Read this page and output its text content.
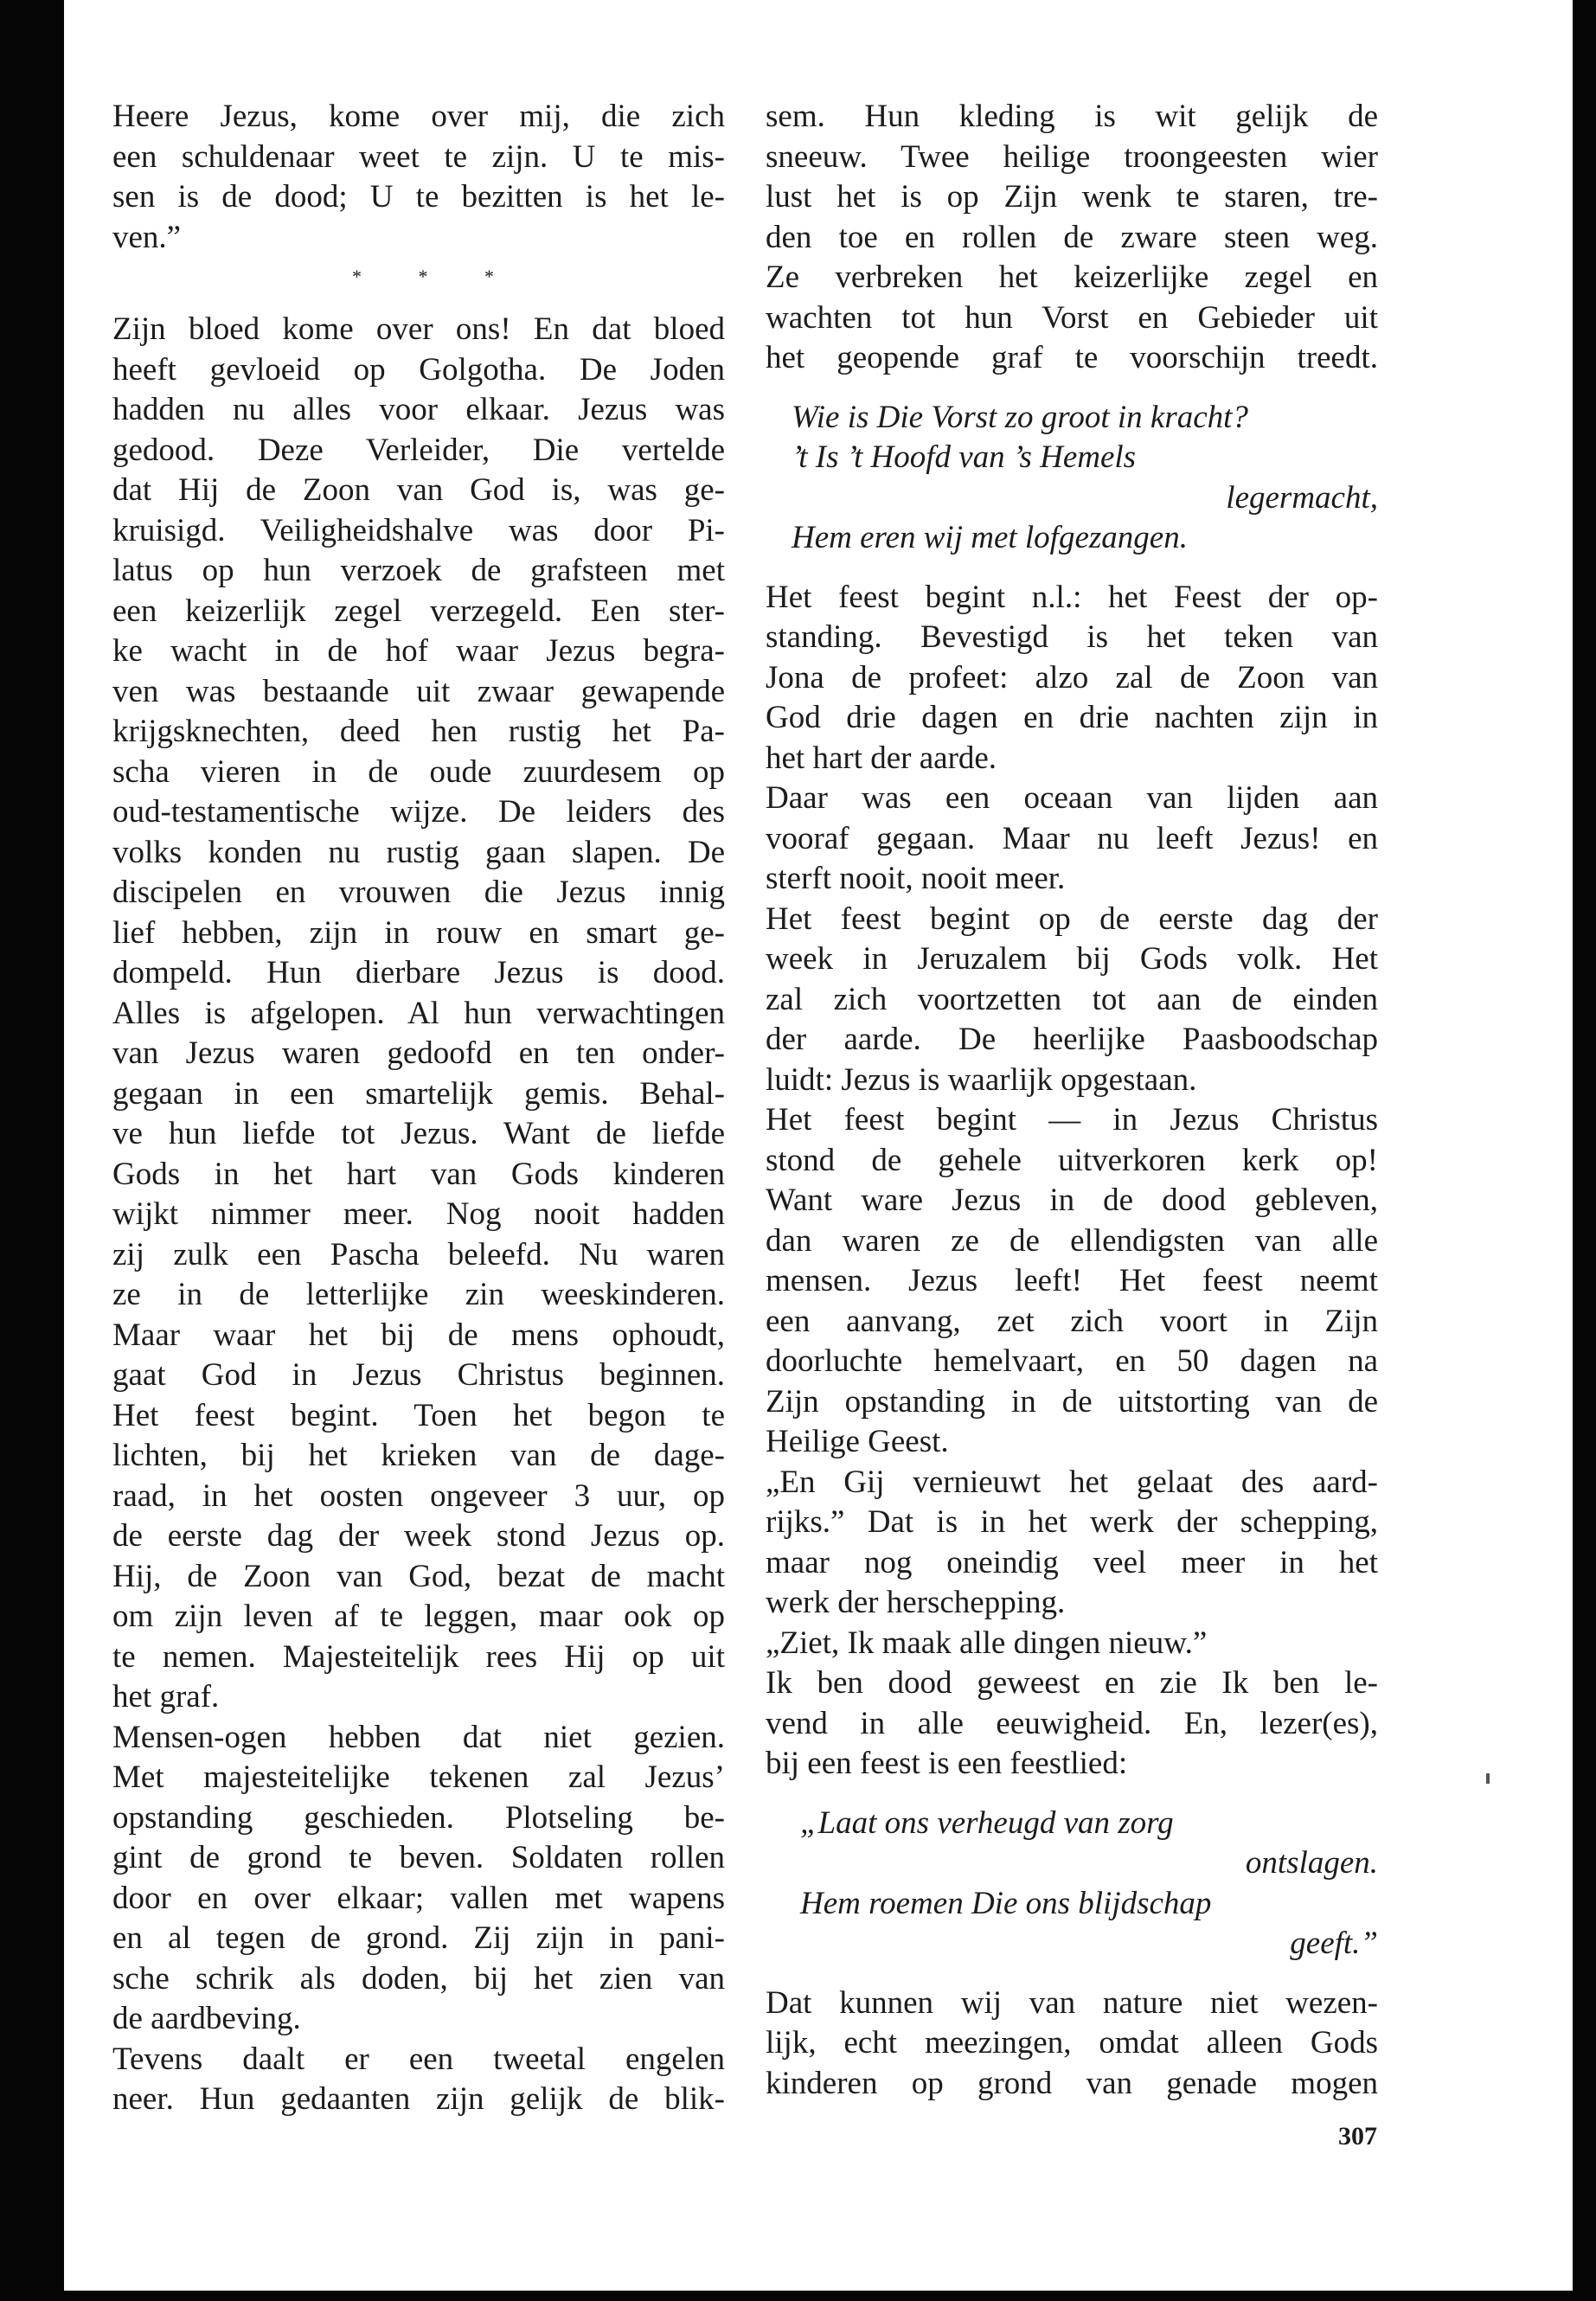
Heere Jezus, kome over mij, die zich
een schuldenaar weet te zijn. U te mis-
sen is de dood; U te bezitten is het le-
ven.”
* * *
Zijn bloed kome over ons! En dat bloed
heeft gevloeid op Golgotha. De Joden
hadden nu alles voor elkaar. Jezus was
gedood. Deze Verleider, Die vertelde
dat Hij de Zoon van God is, was ge-
kruisigd. Veiligheidshalve was door Pi-
latus op hun verzoek de grafsteen met
een keizerlijk zegel verzegeld. Een ster-
ke wacht in de hof waar Jezus begra-
ven was bestaande uit zwaar gewapende
krijgsknechten, deed hen rustig het Pa-
scha vieren in de oude zuurdesem op
oud-testamentische wijze. De leiders des
volks konden nu rustig gaan slapen. De
discipelen en vrouwen die Jezus innig
lief hebben, zijn in rouw en smart ge-
dompeld. Hun dierbare Jezus is dood.
Alles is afgelopen. Al hun verwachtingen
van Jezus waren gedoofd en ten onder-
gegaan in een smartelijk gemis. Behal-
ve hun liefde tot Jezus. Want de liefde
Gods in het hart van Gods kinderen
wijkt nimmer meer. Nog nooit hadden
zij zulk een Pascha beleefd. Nu waren
ze in de letterlijke zin weeskinderen.
Maar waar het bij de mens ophoudt,
gaat God in Jezus Christus beginnen.
Het feest begint. Toen het begon te
lichten, bij het krieken van de dage-
raad, in het oosten ongeveer 3 uur, op
de eerste dag der week stond Jezus op.
Hij, de Zoon van God, bezat de macht
om zijn leven af te leggen, maar ook op
te nemen. Majesteitelijk rees Hij op uit
het graf.
Mensen-ogen hebben dat niet gezien.
Met majesteitelijke tekenen zal Jezus’
opstanding geschieden. Plotseling be-
gint de grond te beven. Soldaten rollen
door en over elkaar; vallen met wapens
en al tegen de grond. Zij zijn in pani-
sche schrik als doden, bij het zien van
de aardbeving.
Tevens daalt er een tweetal engelen
neer. Hun gedaanten zijn gelijk de blik-
sem. Hun kleding is wit gelijk de
sneeuw. Twee heilige troongeesten wier
lust het is op Zijn wenk te staren, tre-
den toe en rollen de zware steen weg.
Ze verbreken het keizerlijke zegel en
wachten tot hun Vorst en Gebieder uit
het geopende graf te voorschijn treedt.
Wie is Die Vorst zo groot in kracht?
’t Is ’t Hoofd van ’s Hemels
legermacht,
Hem eren wij met lofgezangen.
Het feest begint n.l.: het Feest der op-
standing. Bevestigd is het teken van
Jona de profeet: alzo zal de Zoon van
God drie dagen en drie nachten zijn in
het hart der aarde.
Daar was een oceaan van lijden aan
vooraf gegaan. Maar nu leeft Jezus! en
sterft nooit, nooit meer.
Het feest begint op de eerste dag der
week in Jeruzalem bij Gods volk. Het
zal zich voortzetten tot aan de einden
der aarde. De heerlijke Paasboodschap
luidt: Jezus is waarlijk opgestaan.
Het feest begint — in Jezus Christus
stond de gehele uitverkoren kerk op!
Want ware Jezus in de dood gebleven,
dan waren ze de ellendigsten van alle
mensen. Jezus leeft! Het feest neemt
een aanvang, zet zich voort in Zijn
doorluchte hemelvaart, en 50 dagen na
Zijn opstanding in de uitstorting van de
Heilige Geest.
„En Gij vernieuwt het gelaat des aard-
rijks.” Dat is in het werk der schepping,
maar nog oneindig veel meer in het
werk der herschepping.
„Ziet, Ik maak alle dingen nieuw.”
Ik ben dood geweest en zie Ik ben le-
vend in alle eeuwigheid. En, lezer(es),
bij een feest is een feestlied:
„Laat ons verheugd van zorg
ontslagen.
Hem roemen Die ons blijdschap
geeft.”
Dat kunnen wij van nature niet wezen-
lijk, echt meezingen, omdat alleen Gods
kinderen op grond van genade mogen
307
